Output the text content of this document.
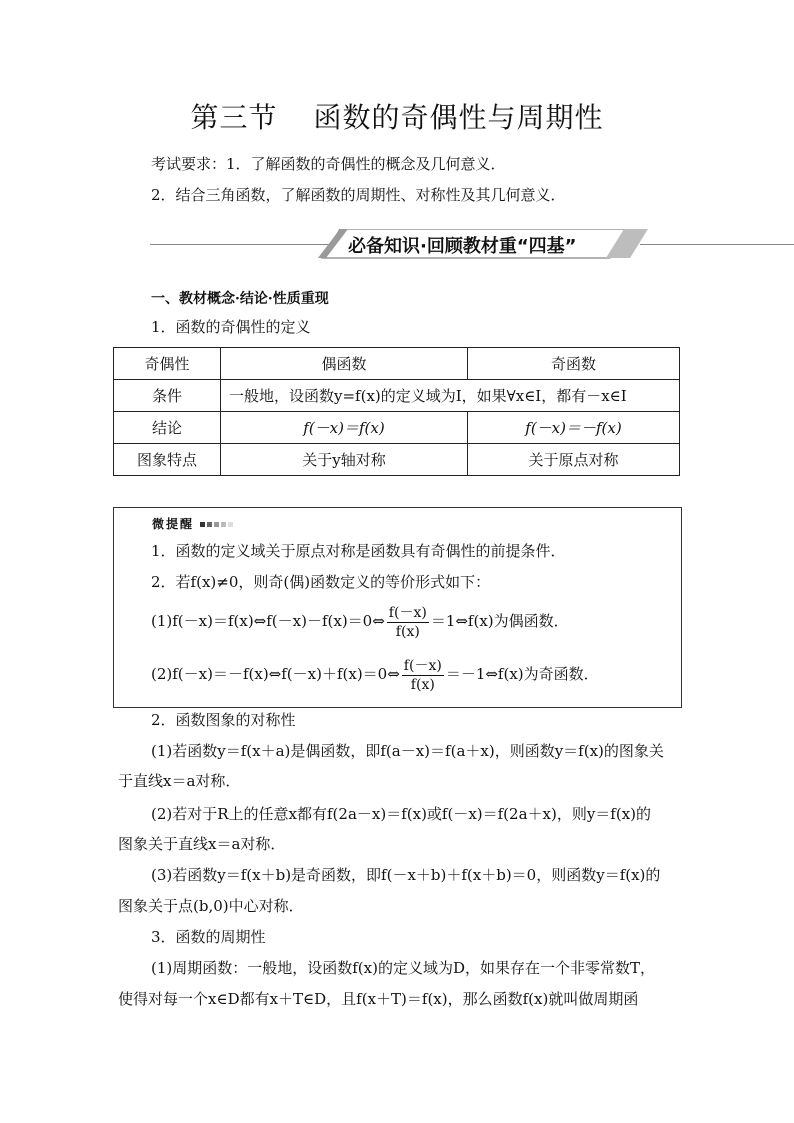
第三节 函数的奇偶性与周期性
考试要求：1．了解函数的奇偶性的概念及几何意义．
2．结合三角函数，了解函数的周期性、对称性及其几何意义．
必备知识·回顾教材重“四基”
一、教材概念·结论·性质重现
1．函数的奇偶性的定义
奇偶性	偶函数	奇函数
条件	一般地，设函数y=f(x)的定义域为I，如果∀x∈I，都有－x∈I	
结论	f(－x)＝f(x)	f(－x)＝－f(x)
图象特点	关于y轴对称	关于原点对称
微提醒
1．函数的定义域关于原点对称是函数具有奇偶性的前提条件．
2．若f(x)≠0，则奇(偶)函数定义的等价形式如下：
(1)f(－x)＝f(x)⇔f(－x)－f(x)＝0⇔ $\frac{f(-x)}{f(x)}$ ＝1⇔f(x)为偶函数．
(2)f(－x)＝－f(x)⇔f(－x)＋f(x)＝0⇔ $\frac{f(-x)}{f(x)}$ ＝－1⇔f(x)为奇函数．
2．函数图象的对称性
(1)若函数y＝f(x＋a)是偶函数，即f(a－x)＝f(a＋x)，则函数y＝f(x)的图象关
于直线x＝a对称．
(2)若对于R上的任意x都有f(2a－x)＝f(x)或f(－x)＝f(2a＋x)，则y＝f(x)的
图象关于直线x＝a对称．
(3)若函数y＝f(x＋b)是奇函数，即f(－x＋b)＋f(x＋b)＝0，则函数y＝f(x)的
图象关于点(b,0)中心对称．
3．函数的周期性
(1)周期函数：一般地，设函数f(x)的定义域为D，如果存在一个非零常数T，
使得对每一个x∈D都有x＋T∈D，且f(x＋T)＝f(x)，那么函数f(x)就叫做周期函
